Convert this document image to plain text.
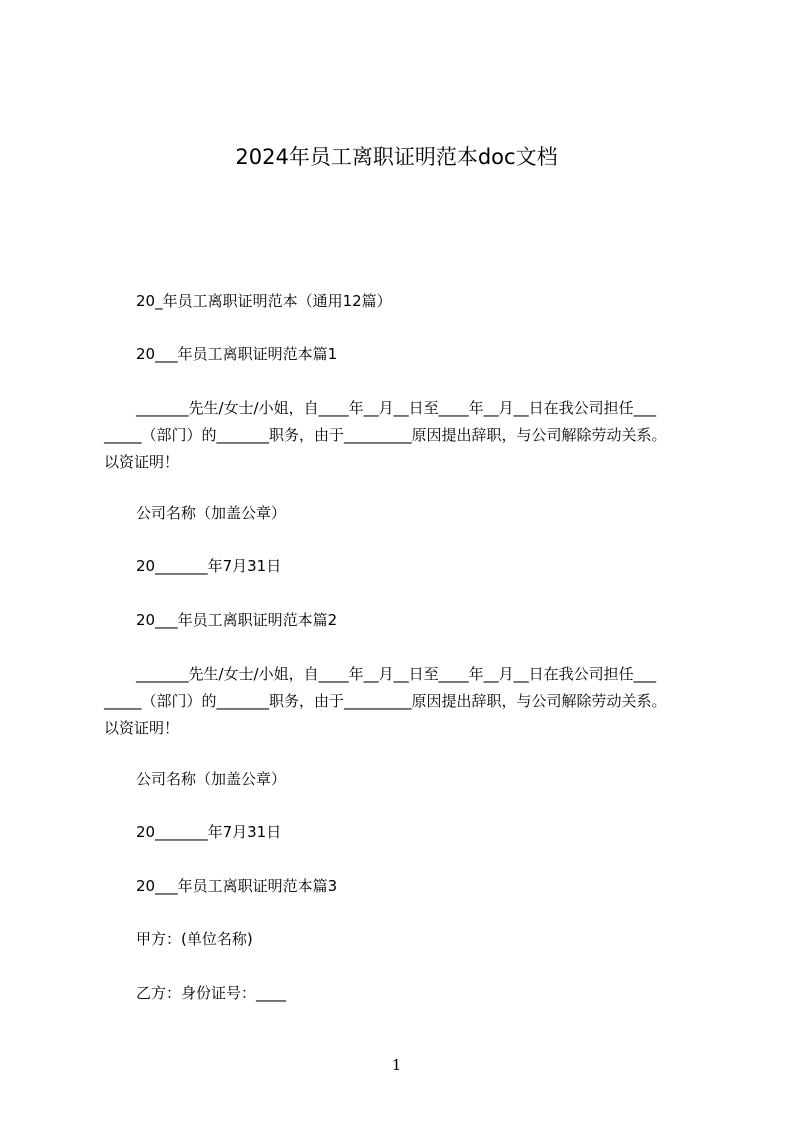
2024年员工离职证明范本doc文档
20_年员工离职证明范本（通用12篇）
20___年员工离职证明范本篇1
_______先生/女士/小姐，自____年__月__日至____年__月__日在我公司担任___
_____（部门）的_______职务，由于_________原因提出辞职，与公司解除劳动关系。
以资证明！
公司名称（加盖公章）
20_______年7月31日
20___年员工离职证明范本篇2
_______先生/女士/小姐，自____年__月__日至____年__月__日在我公司担任___
_____（部门）的_______职务，由于_________原因提出辞职，与公司解除劳动关系。
以资证明！
公司名称（加盖公章）
20_______年7月31日
20___年员工离职证明范本篇3
甲方：(单位名称)
乙方：身份证号：____
1
